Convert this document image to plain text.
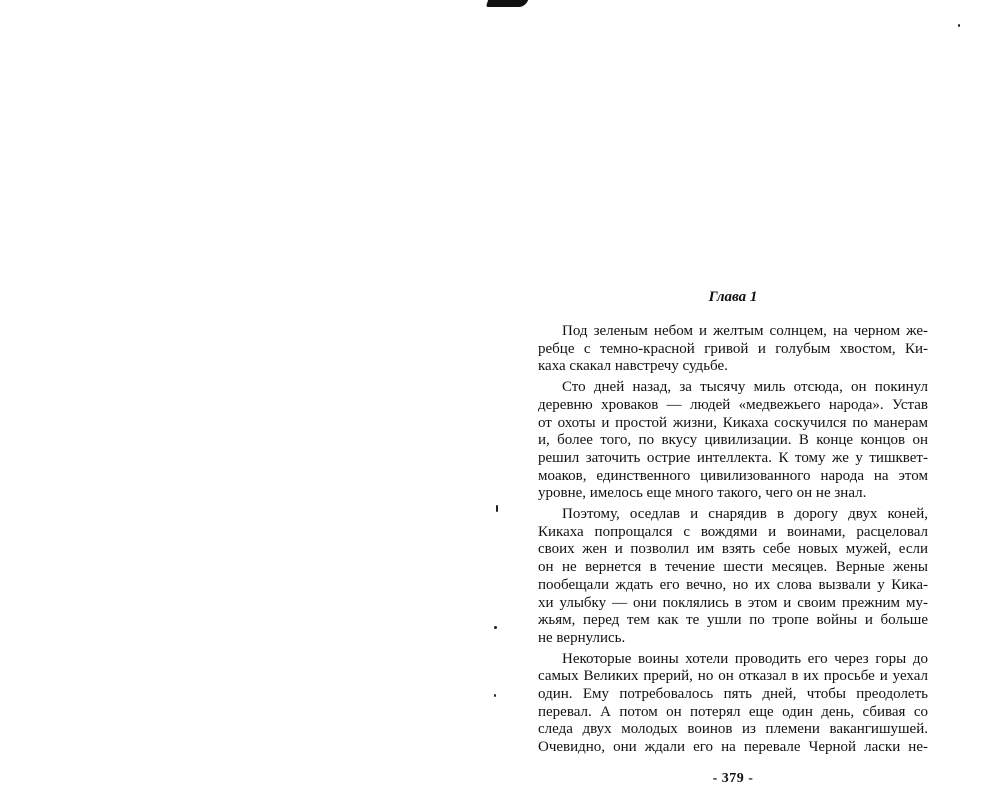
Глава 1
Под зеленым небом и желтым солнцем, на черном же-
ребце с темно-красной гривой и голубым хвостом, Ки-
каха скакал навстречу судьбе.
Сто дней назад, за тысячу миль отсюда, он покинул
деревню хроваков — людей «медвежьего народа». Устав
от охоты и простой жизни, Кикаха соскучился по манерам
и, более того, по вкусу цивилизации. В конце концов он
решил заточить острие интеллекта. К тому же у тишквет-
моаков, единственного цивилизованного народа на этом
уровне, имелось еще много такого, чего он не знал.
Поэтому, оседлав и снарядив в дорогу двух коней,
Кикаха попрощался с вождями и воинами, расцеловал
своих жен и позволил им взять себе новых мужей, если
он не вернется в течение шести месяцев. Верные жены
пообещали ждать его вечно, но их слова вызвали у Кика-
хи улыбку — они поклялись в этом и своим прежним му-
жьям, перед тем как те ушли по тропе войны и больше
не вернулись.
Некоторые воины хотели проводить его через горы до
самых Великих прерий, но он отказал в их просьбе и уехал
один. Ему потребовалось пять дней, чтобы преодолеть
перевал. А потом он потерял еще один день, сбивая со
следа двух молодых воинов из племени вакангишушей.
Очевидно, они ждали его на перевале Черной ласки не-
- 379 -
